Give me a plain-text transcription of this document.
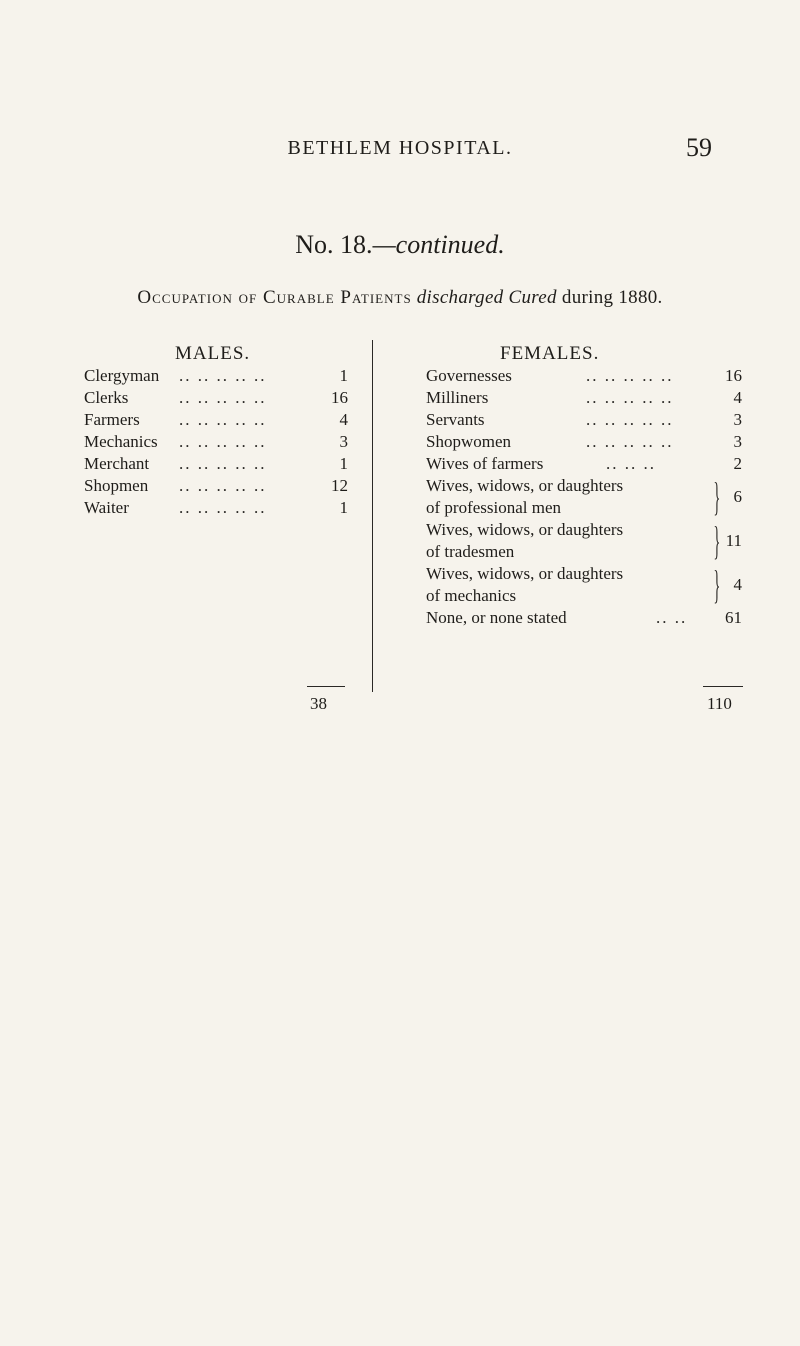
BETHLEM HOSPITAL.	59
No. 18.—continued.
Occupation of Curable Patients discharged Cured during 1880.
MALES.	FEMALES.
Clergyman .. .. .. .. ..	1
Clerks	.. .. .. .. ..	16
Farmers .. .. .. .. ..	4
Mechanics .. .. .. .. ..	3
Merchant .. .. .. .. ..	1
Shopmen .. .. .. .. ..	12
Waiter	.. .. .. .. ..	1
Governesses	.. .. .. .. ..	16
Milliners	.. .. .. .. ..	4
Servants	.. .. .. .. ..	3
Shopwomen	.. .. .. .. ..	3
Wives of farmers	.. .. ..	2
Wives, widows, or daughters
of professional men	} 6
Wives, widows, or daughters
of tradesmen	} 11
Wives, widows, or daughters
of mechanics	} 4
None, or none stated	.. .. 61
38	110
